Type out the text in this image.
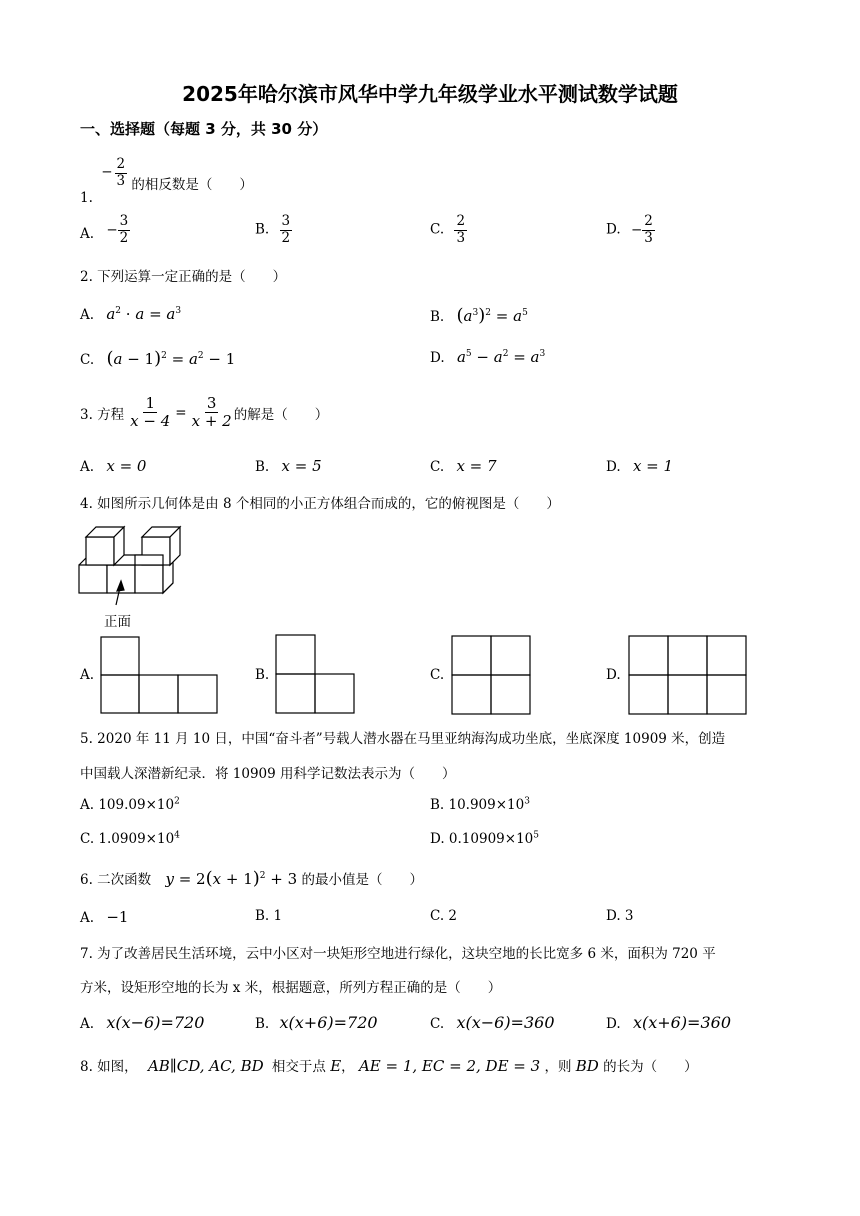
2025年哈尔滨市风华中学九年级学业水平测试数学试题
一、选择题（每题 3 分，共 30 分）
1.
− $\frac{2}{3}$ 的相反数是（　　）
A. − $\frac{3}{2}$	B. $\frac{3}{2}$	C. $\frac{2}{3}$	D. − $\frac{2}{3}$
2. 下列运算一定正确的是（　　）
A. $a^2 \cdot a = a^3$	B. $(a^3)^2 = a^5$
C. $(a - 1)^2 = a^2 - 1$	D. $a^5 - a^2 = a^3$
3. 方程 $\frac{1}{x - 4} = \frac{3}{x + 2}$ 的解是（　　）
A. x = 0	B. x = 5	C. x = 7	D. x = 1
4. 如图所示几何体是由 8 个相同的小正方体组合而成的，它的俯视图是（　　）
正面
A.	B.	C.	D.
5. 2020 年 11 月 10 日，中国“奋斗者”号载人潜水器在马里亚纳海沟成功坐底，坐底深度 10909 米，创造
中国载人深潜新纪录．将 10909 用科学记数法表示为（　　）
A. $109.09\times 10^2$	B. $10.909\times 10^3$
C. $1.0909\times 10^4$	D. $0.10909\times 10^5$
6. 二次函数 $y = 2(x + 1)^2 + 3$ 的最小值是（　　）
A. −1	B. 1	C. 2	D. 3
7. 为了改善居民生活环境，云中小区对一块矩形空地进行绿化，这块空地的长比宽多 6 米，面积为 720 平
方米，设矩形空地的长为 x 米，根据题意，所列方程正确的是（　　）
A. x(x−6)=720	B. x(x+6)=720	C. x(x−6)=360	D. x(x+6)=360
8. 如图， AB∥CD, AC, BD 相交于点 E， AE = 1, EC = 2, DE = 3 ，则 BD 的长为（　　）
